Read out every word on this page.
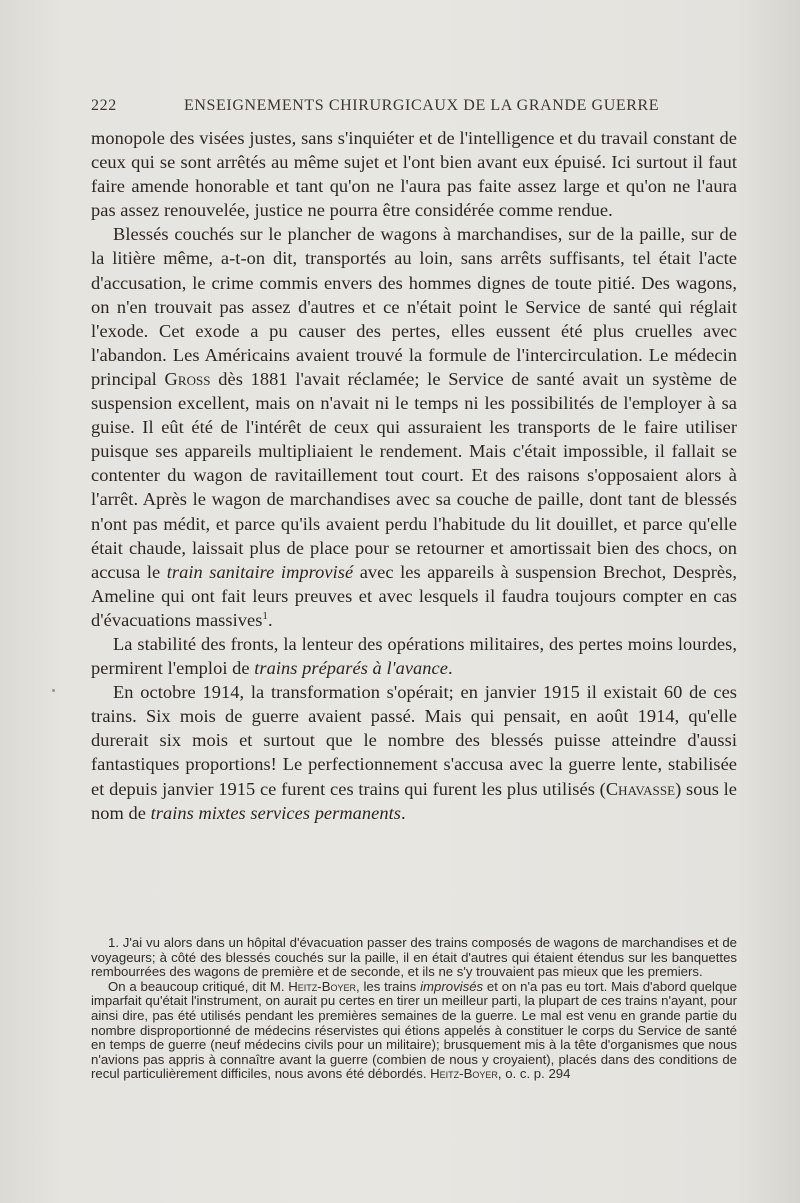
222	ENSEIGNEMENTS CHIRURGICAUX DE LA GRANDE GUERRE

monopole des visées justes, sans s'inquiéter et de l'intelligence et du travail constant de ceux qui se sont arrêtés au même sujet et l'ont bien avant eux épuisé. Ici surtout il faut faire amende honorable et tant qu'on ne l'aura pas faite assez large et qu'on ne l'aura pas assez renouvelée, justice ne pourra être considérée comme rendue.

Blessés couchés sur le plancher de wagons à marchandises, sur de la paille, sur de la litière même, a-t-on dit, transportés au loin, sans arrêts suffisants, tel était l'acte d'accusation, le crime commis envers des hommes dignes de toute pitié. Des wagons, on n'en trouvait pas assez d'autres et ce n'était point le Service de santé qui réglait l'exode. Cet exode a pu causer des pertes, elles eussent été plus cruelles avec l'abandon. Les Américains avaient trouvé la formule de l'intercirculation. Le médecin principal Gross dès 1881 l'avait réclamée; le Service de santé avait un système de suspension excellent, mais on n'avait ni le temps ni les possibilités de l'employer à sa guise. Il eût été de l'intérêt de ceux qui assuraient les transports de le faire utiliser puisque ses appareils multipliaient le rendement. Mais c'était impossible, il fallait se contenter du wagon de ravitaillement tout court. Et des raisons s'opposaient alors à l'arrêt. Après le wagon de marchandises avec sa couche de paille, dont tant de blessés n'ont pas médit, et parce qu'ils avaient perdu l'habitude du lit douillet, et parce qu'elle était chaude, laissait plus de place pour se retourner et amortissait bien des chocs, on accusa le train sanitaire improvisé avec les appareils à suspension Brechot, Desprès, Ameline qui ont fait leurs preuves et avec lesquels il faudra toujours compter en cas d'évacuations massives$^1$.

La stabilité des fronts, la lenteur des opérations militaires, des pertes moins lourdes, permirent l'emploi de trains préparés à l'avance.

En octobre 1914, la transformation s'opérait; en janvier 1915 il existait 60 de ces trains. Six mois de guerre avaient passé. Mais qui pensait, en août 1914, qu'elle durerait six mois et surtout que le nombre des blessés puisse atteindre d'aussi fantastiques proportions! Le perfectionnement s'accusa avec la guerre lente, stabilisée et depuis janvier 1915 ce furent ces trains qui furent les plus utilisés (Chavasse) sous le nom de trains mixtes services permanents.

1. J'ai vu alors dans un hôpital d'évacuation passer des trains composés de wagons de marchandises et de voyageurs; à côté des blessés couchés sur la paille, il en était d'autres qui étaient étendus sur les banquettes rembourrées des wagons de première et de seconde, et ils ne s'y trouvaient pas mieux que les premiers.

On a beaucoup critiqué, dit M. Heitz-Boyer, les trains improvisés et on n'a pas eu tort. Mais d'abord quelque imparfait qu'était l'instrument, on aurait pu certes en tirer un meilleur parti, la plupart de ces trains n'ayant, pour ainsi dire, pas été utilisés pendant les premières semaines de la guerre. Le mal est venu en grande partie du nombre disproportionné de médecins réservistes qui étions appelés à constituer le corps du Service de santé en temps de guerre (neuf médecins civils pour un militaire); brusquement mis à la tête d'organismes que nous n'avions pas appris à connaître avant la guerre (combien de nous y croyaient), placés dans des conditions de recul particulièrement difficiles, nous avons été débordés. Heitz-Boyer, o. c. p. 294
